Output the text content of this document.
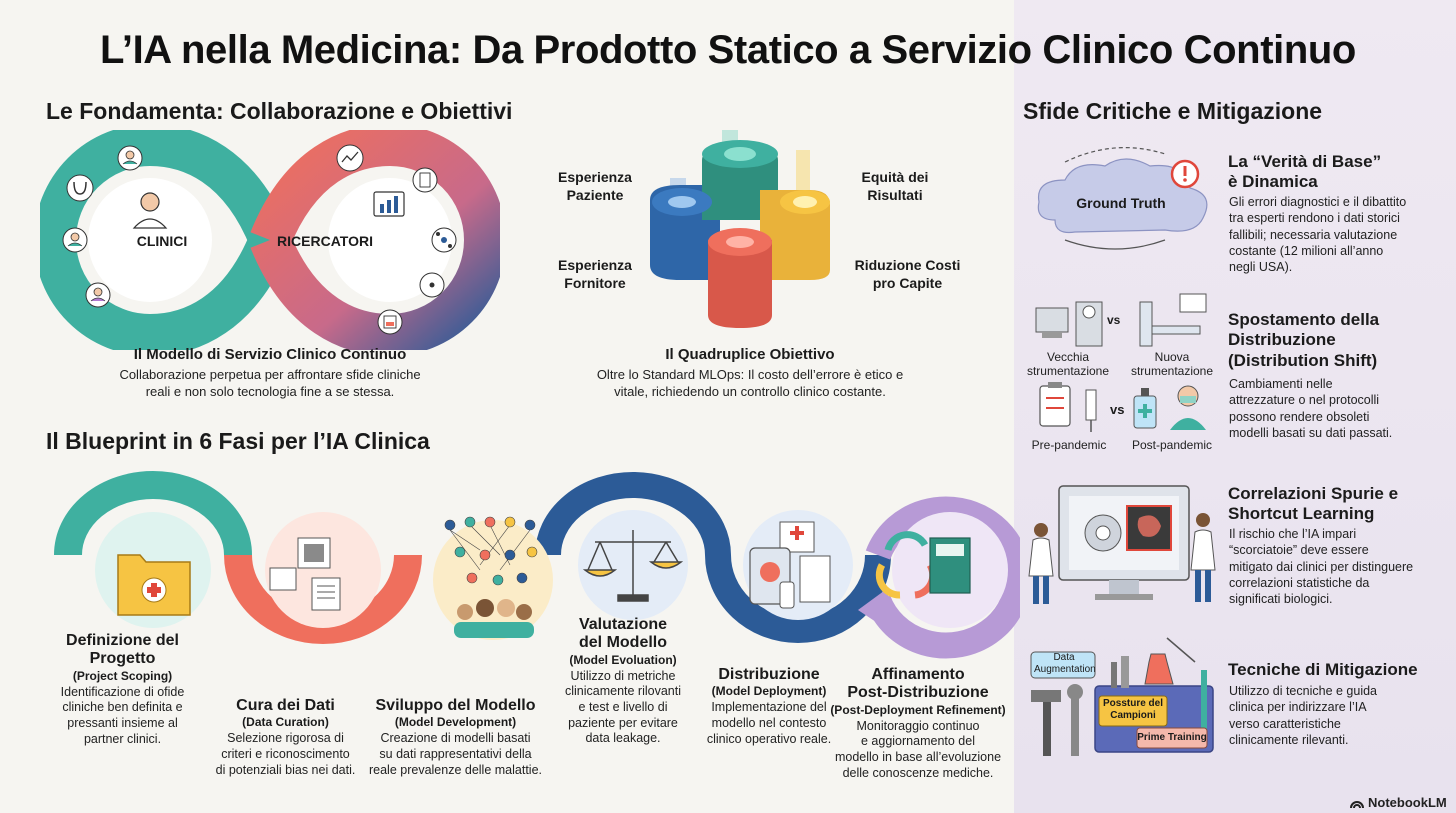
L’IA nella Medicina: Da Prodotto Statico a Servizio Clinico Continuo
Le Fondamenta: Collaborazione e Obiettivi
CLINICI	RICERCATORI
Il Modello di Servizio Clinico Continuo
Collaborazione perpetua per affrontare sfide cliniche
reali e non solo tecnologia fine a se stessa.
Esperienza
Paziente
Equità dei
Risultati
Esperienza
Fornitore
Riduzione Costi
pro Capite
Il Quadruplice Obiettivo
Oltre lo Standard MLOps: Il costo dell’errore è etico e
vitale, richiedendo un controllo clinico costante.
Il Blueprint in 6 Fasi per l’IA Clinica
Definizione del
Progetto
(Project Scoping)
Identificazione di ofide
cliniche ben definita e
pressanti insieme al
partner clinici.
Cura dei Dati
(Data Curation)
Selezione rigorosa di
criteri e riconoscimento
di potenziali bias nei dati.
Sviluppo del Modello
(Model Development)
Creazione di modelli basati
su dati rappresentativi della
reale prevalenze delle malattie.
Valutazione
del Modello
(Model Evoluation)
Utilizzo di metriche
clinicamente rilovanti
e test e livello di
paziente per evitare
data leakage.
Distribuzione
(Model Deployment)
Implementazione del
modello nel contesto
clinico operativo reale.
Affinamento
Post-Distribuzione
(Post-Deployment Refinement)
Monitoraggio continuo
e aggiornamento del
modello in base all’evoluzione
delle conoscenze mediche.
Sfide Critiche e Mitigazione
Ground Truth
La “Verità di Base”
è Dinamica
Gli errori diagnostici e il dibattito
tra esperti rendono i dati storici
fallibili; necessaria valutazione
costante (12 milioni all’anno
negli USA).
vs
vs
Vecchia
strumentazione
Nuova
strumentazione
Pre-pandemic	Post-pandemic
Spostamento della
Distribuzione
(Distribution Shift)
Cambiamenti nelle
attrezzature o nel protocolli
possono rendere obsoleti
modelli basati su dati passati.
Correlazioni Spurie e
Shortcut Learning
Il rischio che l’IA impari
“scorciatoie” deve essere
mitigato dai clinici per distinguere
correlazioni statistiche da
significati biologici.
Data
Augmentation
Possture del
Campioni
Prime Training
Tecniche di Mitigazione
Utilizzo di tecniche e guida
clinica per indirizzare l’IA
verso caratteristiche
clinicamente rilevanti.
NotebookLM
